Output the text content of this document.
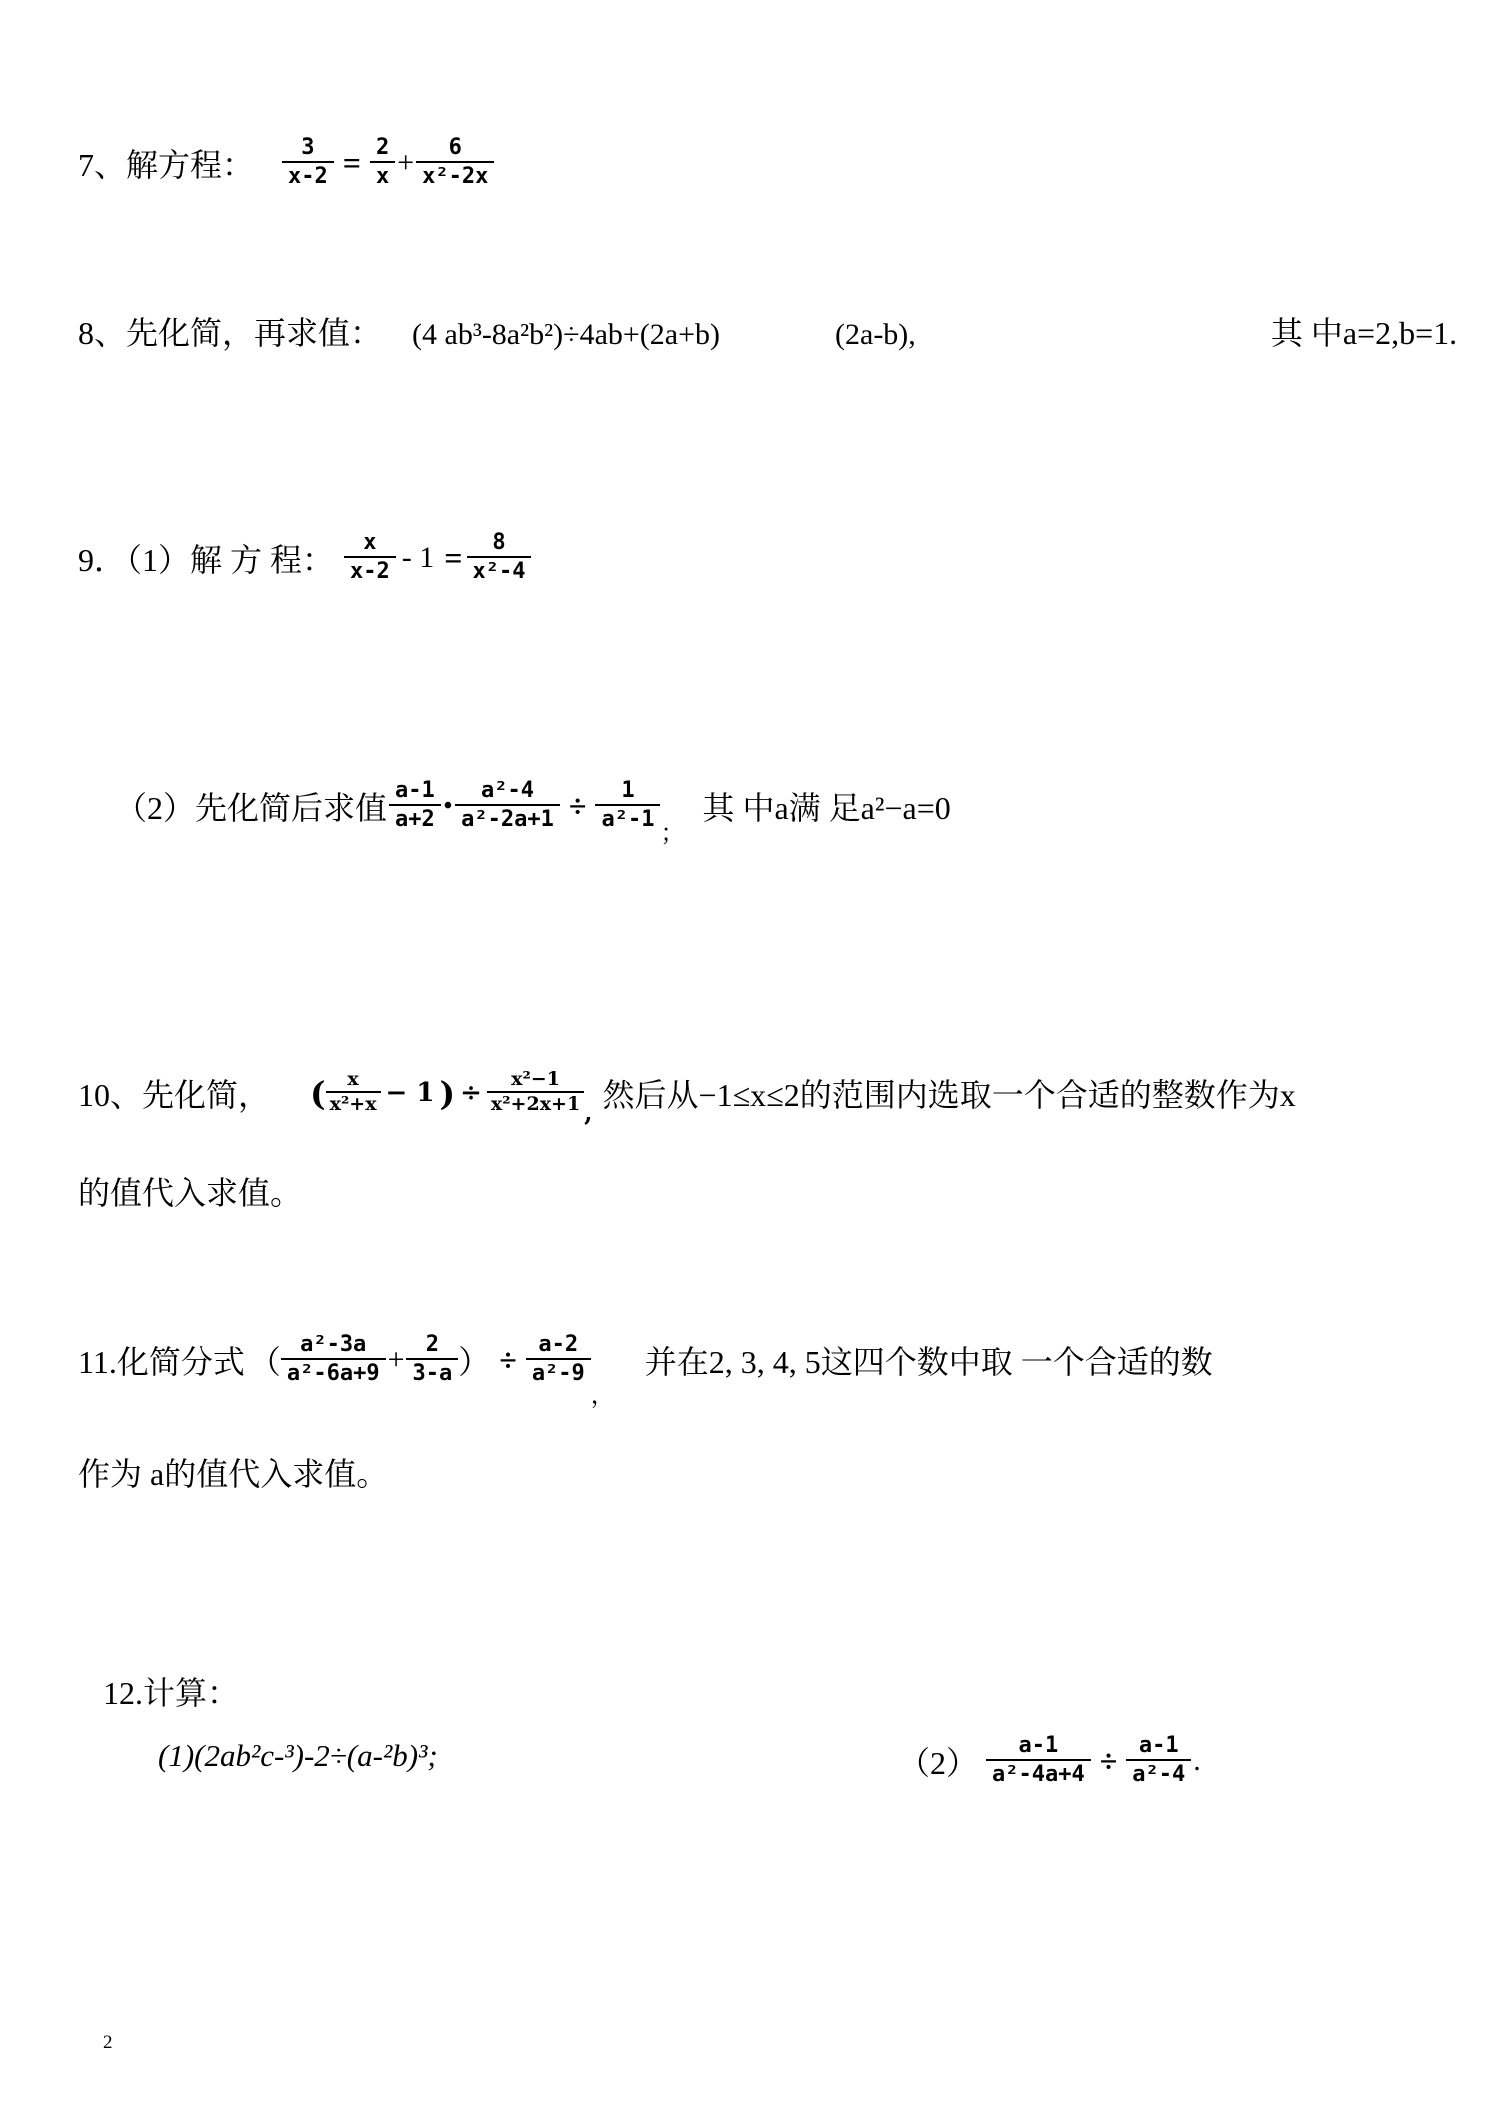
7、解方程： $\frac{3}{x-2} = \frac{2}{x} + \frac{6}{\text{x²-2x}}$
8、先化简，再求值： (4 ab³-8a²b²)÷4ab+(2a+b)	(2a-b),	其 中a=2,b=1.
9．（1）解 方 程： $\frac{x}{x-2} - 1 = \frac{8}{\text{x²-4}}$
（2）先化简后求值 $\frac{a-1}{a+2}$ • $\frac{\text{a²-4}}{\text{a²-2a+1}} \div \frac{1}{\text{a²-1}}$
；
其 中a满 足a²−a=0
10、先化简， ( $\frac{x}{\text{x²+x}} - 1$ ) ÷ $\frac{\text{x²−1}}{\text{x²+2x+1}}$ , 然后从−1≤x≤2的范围内选取一个合适的整数作为x
的值代入求值。
11.化简分式 （ $\frac{\text{a²-3a}}{\text{a²-6a+9}} + \frac{2}{3-a}$ ） ÷ $\frac{a-2}{\text{a²-9}}$
，
并在2, 3, 4, 5这四个数中取 一个合适的数
作为 a的值代入求值。
12.计算：
(1)(2ab²c-³)-2÷(a-²b)³;	$(2) \frac{a-1}{\text{a²-4a+4}} \div \frac{a-1}{\text{a²-4}}$ .
2
